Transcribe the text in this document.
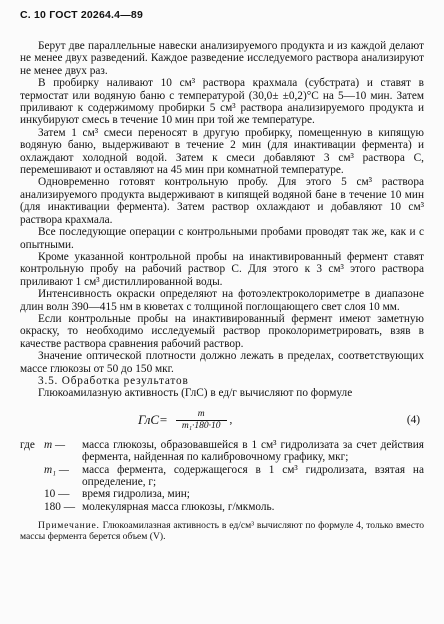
С. 10 ГОСТ 20264.4—89

Берут две параллельные навески анализируемого продукта и из каждой делают не менее двух разведений. Каждое разведение исследуемого раствора анализируют не менее двух раз.

В пробирку наливают 10 см³ раствора крахмала (субстрата) и ставят в термостат или водяную баню с температурой (30,0± ±0,2)°С на 5—10 мин. Затем приливают к содержимому пробирки 5 см³ раствора анализируемого продукта и инкубируют смесь в течение 10 мин при той же температуре.

Затем 1 см³ смеси переносят в другую пробирку, помещенную в кипящую водяную баню, выдерживают в течение 2 мин (для инактивации фермента) и охлаждают холодной водой. Затем к смеси добавляют 3 см³ раствора С, перемешивают и оставляют на 45 мин при комнатной температуре.

Одновременно готовят контрольную пробу. Для этого 5 см³ раствора анализируемого продукта выдерживают в кипящей водяной бане в течение 10 мин (для инактивации фермента). Затем раствор охлаждают и добавляют 10 см³ раствора крахмала.

Все последующие операции с контрольными пробами проводят так же, как и с опытными.

Кроме указанной контрольной пробы на инактивированный фермент ставят контрольную пробу на рабочий раствор С. Для этого к 3 см³ этого раствора приливают 1 см³ дистиллированной воды.

Интенсивность окраски определяют на фотоэлектроколориметре в диапазоне длин волн 390—415 нм в кюветах с толщиной поглощающего свет слоя 10 мм.

Если контрольные пробы на инактивированный фермент имеют заметную окраску, то необходимо исследуемый раствор проколориметрировать, взяв в качестве раствора сравнения рабочий раствор.

Значение оптической плотности должно лежать в пределах, соответствующих массе глюкозы от 50 до 150 мкг.

3.5. Обработка результатов

Глюкоамилазную активность (ГлС) в ед/г вычисляют по формуле

$ГлС= \frac{m}{\text{m₁·180·10}}$ ,	(4)
где m —	масса глюкозы, образовавшейся в 1 см³ гидролизата за счет действия фермента, найденная по калибровочному графику, мкг;
m₁ —	масса фермента, содержащегося в 1 см³ гидролизата, взятая на определение, г;
10 —	время гидролиза, мин;
180 — молекулярная масса глюкозы, г/мкмоль.

Примечание. Глюкоамилазная активность в ед/см³ вычисляют по формуле 4, только вместо массы фермента берется объем (V).
